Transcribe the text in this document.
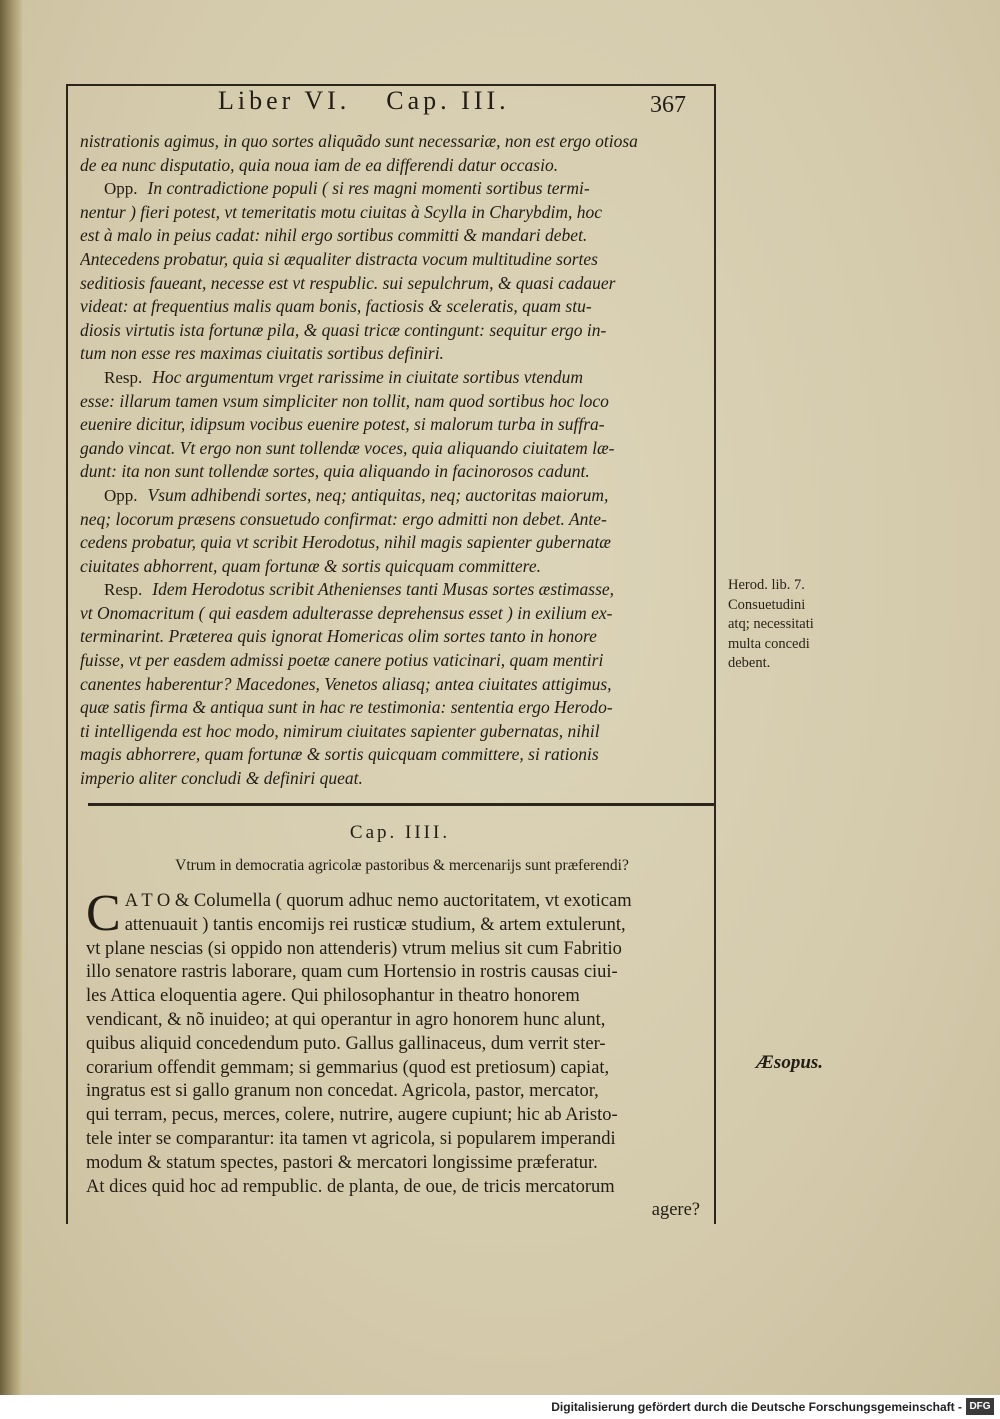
Liber VI. Cap. III.	367
nistrationis agimus, in quo sortes aliquãdo sunt necessariæ, non est ergo otiosa
de ea nunc disputatio, quia noua iam de ea differendi datur occasio.
Opp. In contradictione populi ( si res magni momenti sortibus termi-
nentur ) fieri potest, vt temeritatis motu ciuitas à Scylla in Charybdim, hoc
est à malo in peius cadat: nihil ergo sortibus committi & mandari debet.
Antecedens probatur, quia si æqualiter distracta vocum multitudine sortes
seditiosis faueant, necesse est vt respublic. sui sepulchrum, & quasi cadauer
videat: at frequentius malis quam bonis, factiosis & sceleratis, quam stu-
diosis virtutis ista fortunæ pila, & quasi tricæ contingunt: sequitur ergo in-
tum non esse res maximas ciuitatis sortibus definiri.
Resp. Hoc argumentum vrget rarissime in ciuitate sortibus vtendum
esse: illarum tamen vsum simpliciter non tollit, nam quod sortibus hoc loco
euenire dicitur, idipsum vocibus euenire potest, si malorum turba in suffra-
gando vincat. Vt ergo non sunt tollendæ voces, quia aliquando ciuitatem læ-
dunt: ita non sunt tollendæ sortes, quia aliquando in facinorosos cadunt.
Opp. Vsum adhibendi sortes, neq; antiquitas, neq; auctoritas maiorum,
neq; locorum præsens consuetudo confirmat: ergo admitti non debet. Ante-
cedens probatur, quia vt scribit Herodotus, nihil magis sapienter gubernatæ
ciuitates abhorrent, quam fortunæ & sortis quicquam committere.
Resp. Idem Herodotus scribit Athenienses tanti Musas sortes æstimasse,
vt Onomacritum ( qui easdem adulterasse deprehensus esset ) in exilium ex-
terminarint. Præterea quis ignorat Homericas olim sortes tanto in honore
fuisse, vt per easdem admissi poetæ canere potius vaticinari, quam mentiri
canentes haberentur? Macedones, Venetos aliasq; antea ciuitates attigimus,
quæ satis firma & antiqua sunt in hac re testimonia: sententia ergo Herodo-
ti intelligenda est hoc modo, nimirum ciuitates sapienter gubernatas, nihil
magis abhorrere, quam fortunæ & sortis quicquam committere, si rationis
imperio aliter concludi & definiri queat.
Herod. lib. 7.
Consuetudini
atq; necessitati
multa concedi
debent.
Cap. IIII.
Vtrum in democratia agricolæ pastoribus & mercenarijs sunt præferendi?
C A T O & Columella ( quorum adhuc nemo auctoritatem, vt exoticam
attenuauit ) tantis encomijs rei rusticæ studium, & artem extulerunt,
vt plane nescias (si oppido non attenderis) vtrum melius sit cum Fabritio
illo senatore rastris laborare, quam cum Hortensio in rostris causas ciui-
les Attica eloquentia agere. Qui philosophantur in theatro honorem
vendicant, & nõ inuideo; at qui operantur in agro honorem hunc alunt,
quibus aliquid concedendum puto. Gallus gallinaceus, dum verrit ster-
corarium offendit gemmam; si gemmarius (quod est pretiosum) capiat,
ingratus est si gallo granum non concedat. Agricola, pastor, mercator,
qui terram, pecus, merces, colere, nutrire, augere cupiunt; hic ab Aristo-
tele inter se comparantur: ita tamen vt agricola, si popularem imperandi
modum & statum spectes, pastori & mercatori longissime præferatur.
At dices quid hoc ad rempublic. de planta, de oue, de tricis mercatorum
agere?
Æsopus.
Digitalisierung gefördert durch die Deutsche Forschungsgemeinschaft - DFG
